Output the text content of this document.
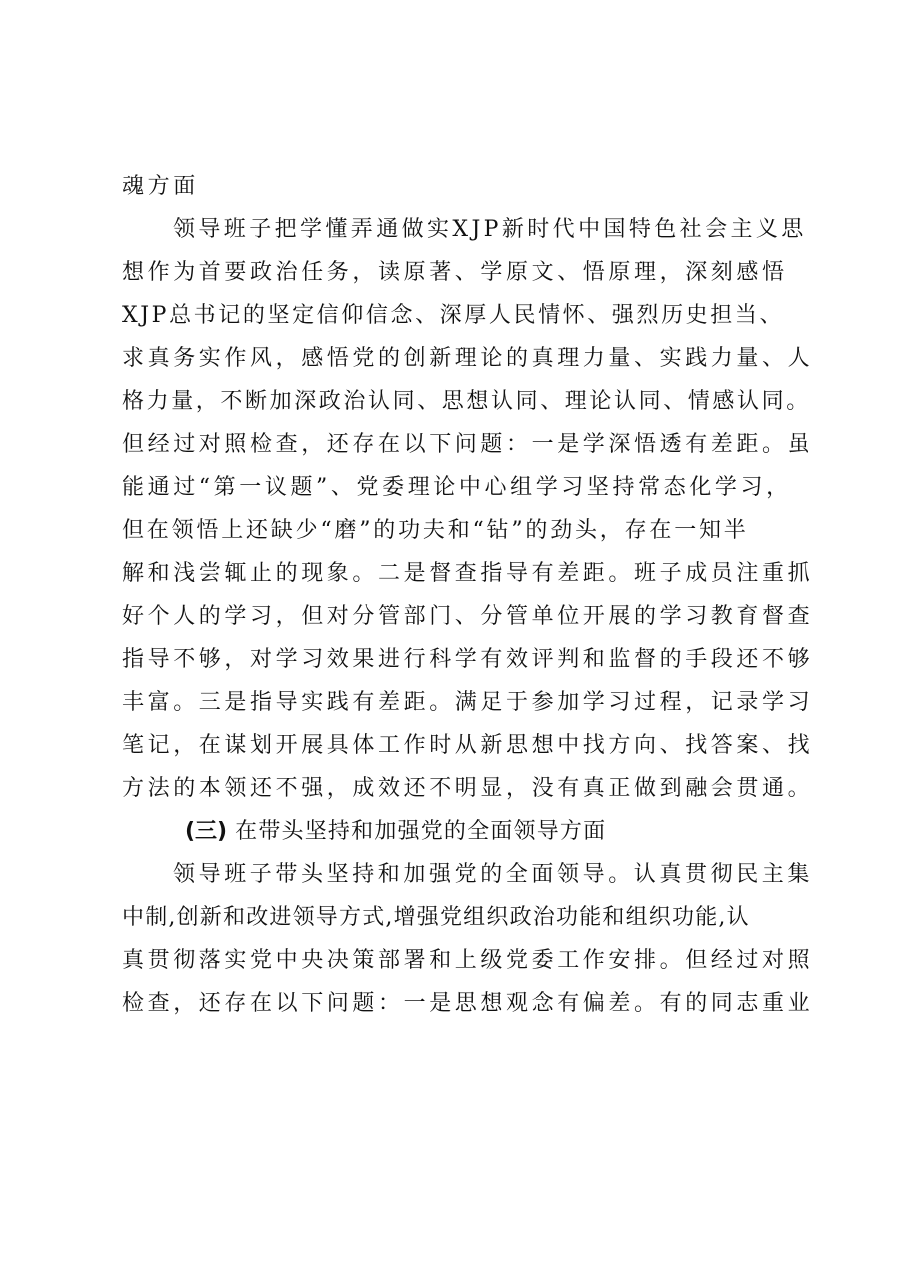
魂方面
领导班子把学懂弄通做实XJP新时代中国特色社会主义思
想作为首要政治任务，读原著、学原文、悟原理，深刻感悟
XJP总书记的坚定信仰信念、深厚人民情怀、强烈历史担当、
求真务实作风，感悟党的创新理论的真理力量、实践力量、人
格力量，不断加深政治认同、思想认同、理论认同、情感认同。
但经过对照检查，还存在以下问题：一是学深悟透有差距。虽
能通过“第一议题”、党委理论中心组学习坚持常态化学习，
但在领悟上还缺少“磨”的功夫和“钻”的劲头，存在一知半
解和浅尝辄止的现象。二是督查指导有差距。班子成员注重抓
好个人的学习，但对分管部门、分管单位开展的学习教育督查
指导不够，对学习效果进行科学有效评判和监督的手段还不够
丰富。三是指导实践有差距。满足于参加学习过程，记录学习
笔记，在谋划开展具体工作时从新思想中找方向、找答案、找
方法的本领还不强，成效还不明显，没有真正做到融会贯通。
(三) 在带头坚持和加强党的全面领导方面
领导班子带头坚持和加强党的全面领导。认真贯彻民主集
中制,创新和改进领导方式,增强党组织政治功能和组织功能,认
真贯彻落实党中央决策部署和上级党委工作安排。但经过对照
检查，还存在以下问题：一是思想观念有偏差。有的同志重业
